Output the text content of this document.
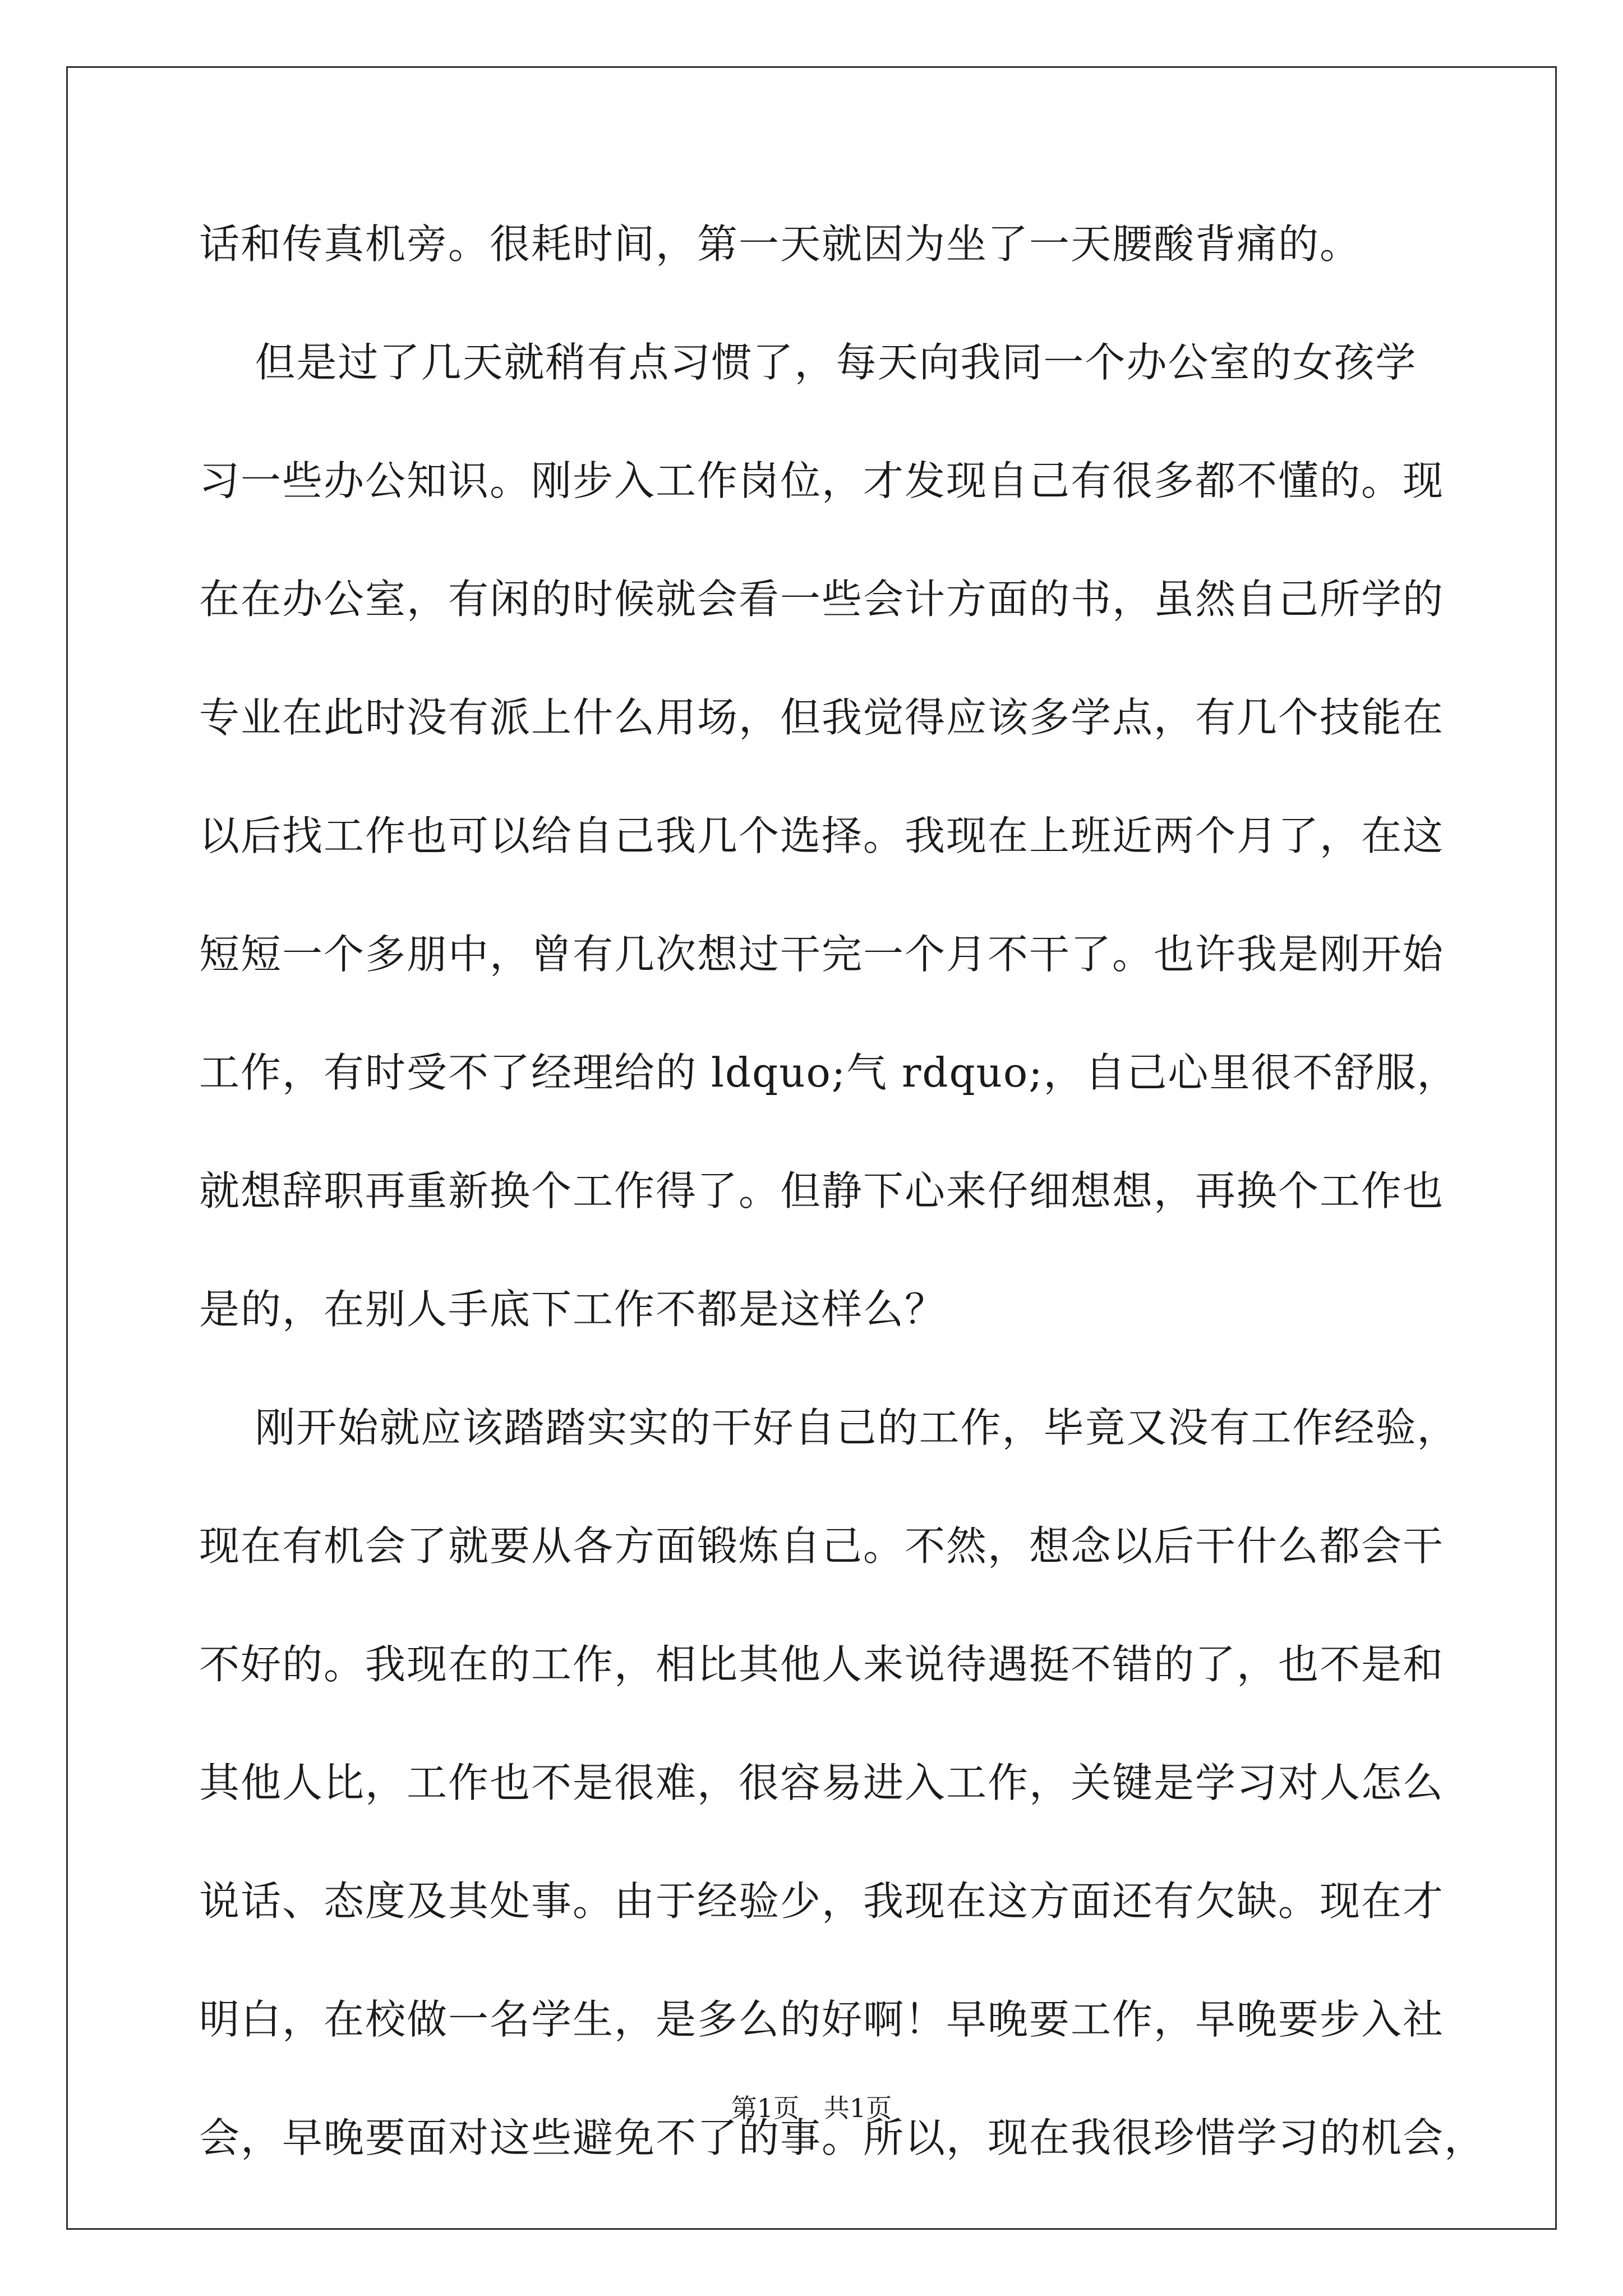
话和传真机旁。很耗时间，第一天就因为坐了一天腰酸背痛的。
但是过了几天就稍有点习惯了，每天向我同一个办公室的女孩学
习一些办公知识。刚步入工作岗位，才发现自己有很多都不懂的。现
在在办公室，有闲的时候就会看一些会计方面的书，虽然自己所学的
专业在此时没有派上什么用场，但我觉得应该多学点，有几个技能在
以后找工作也可以给自己我几个选择。我现在上班近两个月了，在这
短短一个多朋中，曾有几次想过干完一个月不干了。也许我是刚开始
工作，有时受不了经理给的 ldquo;气 rdquo;，自己心里很不舒服，
就想辞职再重新换个工作得了。但静下心来仔细想想，再换个工作也
是的，在别人手底下工作不都是这样么？
刚开始就应该踏踏实实的干好自己的工作，毕竟又没有工作经验，
现在有机会了就要从各方面锻炼自己。不然，想念以后干什么都会干
不好的。我现在的工作，相比其他人来说待遇挺不错的了，也不是和
其他人比，工作也不是很难，很容易进入工作，关键是学习对人怎么
说话、态度及其处事。由于经验少，我现在这方面还有欠缺。现在才
明白，在校做一名学生，是多么的好啊！早晚要工作，早晚要步入社
会，早晚要面对这些避免不了的事。所以，现在我很珍惜学习的机会，
第1页   共1页
